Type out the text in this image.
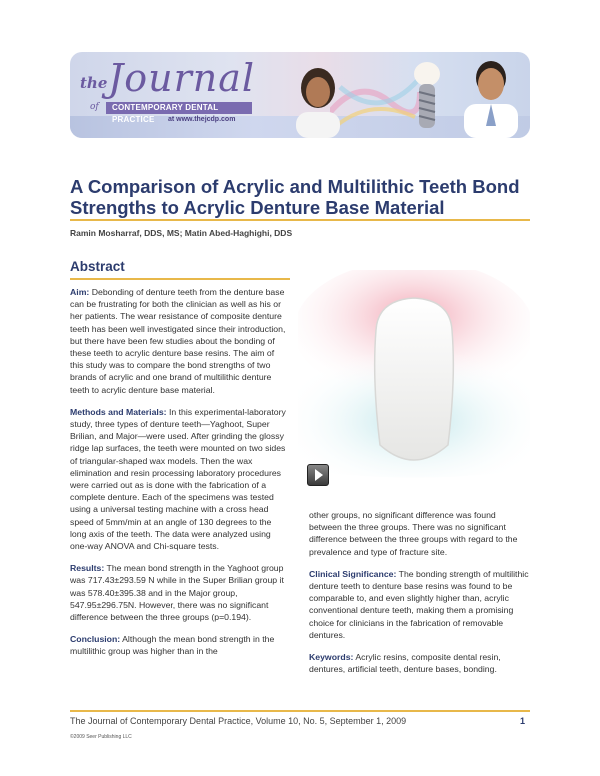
the Journal
of	CONTEMPORARY DENTAL PRACTICE	at www.thejcdp.com
A Comparison of Acrylic and Multilithic Teeth Bond Strengths to Acrylic Denture Base Material
Ramin Mosharraf, DDS, MS; Matin Abed-Haghighi, DDS
Abstract

Aim: Debonding of denture teeth from the denture base can be frustrating for both the clinician as well as his or her patients. The wear resistance of composite denture teeth has been well investigated since their introduction, but there have been few studies about the bonding of these teeth to acrylic denture base resins. The aim of this study was to compare the bond strengths of two brands of acrylic and one brand of multilithic denture teeth to acrylic denture base material.

Methods and Materials: In this experimental-laboratory study, three types of denture teeth—Yaghoot, Super Brilian, and Major—were used. After grinding the glossy ridge lap surfaces, the teeth were mounted on two sides of triangular-shaped wax models. Then the wax elimination and resin processing laboratory procedures were carried out as is done with the fabrication of a complete denture. Each of the specimens was tested using a universal testing machine with a cross head speed of 5mm/min at an angle of 130 degrees to the long axis of the teeth. The data were analyzed using one-way ANOVA and Chi-square tests.

Results: The mean bond strength in the Yaghoot group was 717.43±293.59 N while in the Super Brilian group it was 578.40±395.38 and in the Major group, 547.95±296.75N. However, there was no significant difference between the three groups (p=0.194).

Conclusion: Although the mean bond strength in the multilithic group was higher than in the

other groups, no significant difference was found between the three groups. There was no significant difference between the three groups with regard to the prevalence and type of fracture site.

Clinical Significance: The bonding strength of multilithic denture teeth to denture base resins was found to be comparable to, and even slightly higher than, acrylic conventional denture teeth, making them a promising choice for clinicians in the fabrication of removable dentures.

Keywords: Acrylic resins, composite dental resin, dentures, artificial teeth, denture bases, bonding.

The Journal of Contemporary Dental Practice, Volume 10, No. 5, September 1, 2009	1
©2009 Seer Publishing LLC
